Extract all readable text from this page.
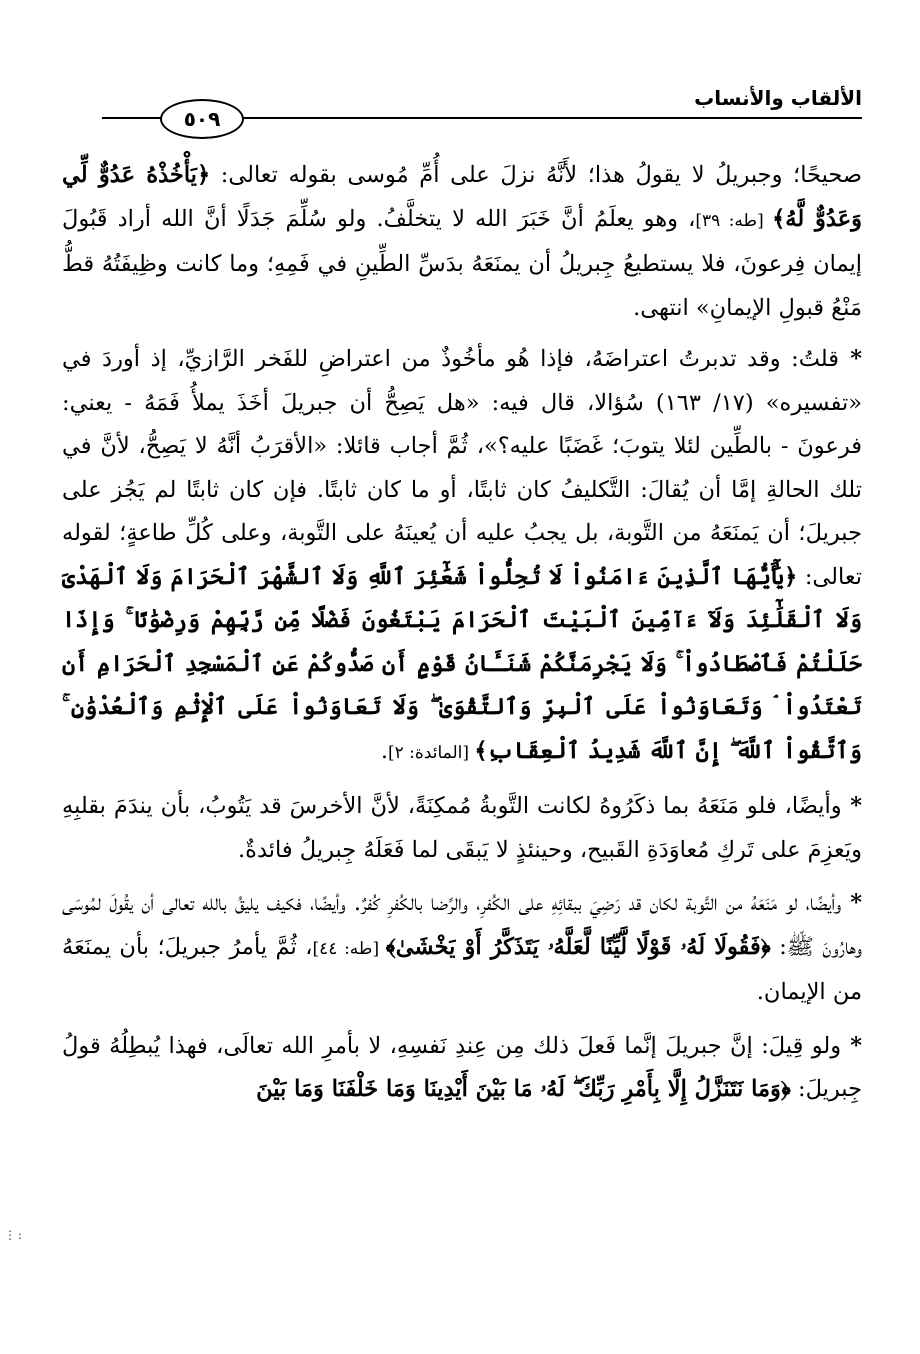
الألقاب والأنساب
٥٠٩

صحيحًا؛ وجبريلُ لا يقولُ هذا؛ لأَنَّهُ نزلَ على أُمِّ مُوسى بقوله تعالى: ﴿يَأْخُذْهُ عَدُوٌّ لِّي وَعَدُوٌّ لَّهُ﴾ [طه: ٣٩]، وهو يعلَمُ أنَّ خَبَرَ الله لا يتخلَّفُ. ولو سُلِّمَ جَدَلًا أنَّ الله أراد قَبُولَ إيمان فِرعونَ، فلا يستطيعُ جِبريلُ أن يمنَعَهُ بدَسِّ الطِّينِ في فَمِهِ؛ وما كانت وظِيفَتُهُ قطُّ مَنْعُ قبولِ الإيمانِ» انتهى.

* قلتُ: وقد تدبرتُ اعتراضَهُ، فإذا هُو مأخُوذٌ من اعتراضِ للفَخر الرَّازيِّ، إذ أوردَ في «تفسيره» (١٧/ ١٦٣) سُؤالا، قال فيه: «هل يَصِحُّ أن جبريلَ أخَذَ يملأُ فَمَهُ - يعني: فرعونَ - بالطِّين لئلا يتوبَ؛ غَضَبًا عليه؟»، ثُمَّ أجاب قائلا: «الأقرَبُ أنَّهُ لا يَصِحُّ، لأنَّ في تلك الحالةِ إمَّا أن يُقالَ: التَّكليفُ كان ثابتًا، أو ما كان ثابتًا. فإن كان ثابتًا لم يَجُز على جبريلَ؛ أن يَمنَعَهُ من التَّوبة، بل يجبُ عليه أن يُعينَهُ على التَّوبة، وعلى كُلِّ طاعةٍ؛ لقوله تعالى: ﴿يَٰٓأَيُّهَا ٱلَّذِينَ ءَامَنُواْ لَا تُحِلُّواْ شَعَٰٓئِرَ ٱللَّهِ وَلَا ٱلشَّهْرَ ٱلْحَرَامَ وَلَا ٱلْهَدْىَ وَلَا ٱلْقَلَٰٓئِدَ وَلَآ ءَآمِّينَ ٱلْبَيْتَ ٱلْحَرَامَ يَبْتَغُونَ فَضْلًا مِّن رَّبِّهِمْ وَرِضْوَٰنًا ۚ وَإِذَا حَلَلْتُمْ فَٱصْطَادُواْ ۚ وَلَا يَجْرِمَنَّكُمْ شَنَـَٔانُ قَوْمٍ أَن صَدُّوكُمْ عَنِ ٱلْمَسْجِدِ ٱلْحَرَامِ أَن تَعْتَدُواْ ۘ وَتَعَاوَنُواْ عَلَى ٱلْبِرِّ وَٱلتَّقْوَىٰ ۖ وَلَا تَعَاوَنُواْ عَلَى ٱلْإِثْمِ وَٱلْعُدْوَٰنِ ۚ وَٱتَّقُواْ ٱللَّهَ ۖ إِنَّ ٱللَّهَ شَدِيدُ ٱلْعِقَابِ﴾ [المائدة: ٢].

* وأيضًا، فلو مَنَعَهُ بما ذكَرُوهُ لكانت التَّوبةُ مُمكِنَةً، لأنَّ الأخرسَ قد يَتُوبُ، بأن يندَمَ بقلبِهِ ويَعزِمَ على تَركِ مُعاوَدَةِ القَبيح، وحينئذٍ لا يَبقَى لما فَعَلَهُ جِبريلُ فائدةٌ.

* وأيضًا، لو مَنَعَهُ من التَّوبة لكان قد رَضِيَ ببقائِهِ على الكُفرِ، والرِّضا بالكُفرِ كُفرٌ. وأيضًا، فكيف يليقُ بالله تعالى أن يقُولَ لمُوسَى وهارُونَ ﷺ: ﴿فَقُولَا لَهُۥ قَوْلًا لَّيِّنًا لَّعَلَّهُۥ يَتَذَكَّرُ أَوْ يَخْشَىٰ﴾ [طه: ٤٤]، ثُمَّ يأمرُ جبريلَ؛ بأن يمنَعَهُ من الإيمان.

* ولو قِيلَ: إنَّ جبريلَ إنَّما فَعلَ ذلك مِن عِندِ نَفسِهِ، لا بأمرِ الله تعالَى، فهذا يُبطِلُهُ قولُ جِبريلَ: ﴿وَمَا نَتَنَزَّلُ إِلَّا بِأَمْرِ رَبِّكَ ۖ لَهُۥ مَا بَيْنَ أَيْدِينَا وَمَا خَلْفَنَا وَمَا بَيْنَ

⋮ :
